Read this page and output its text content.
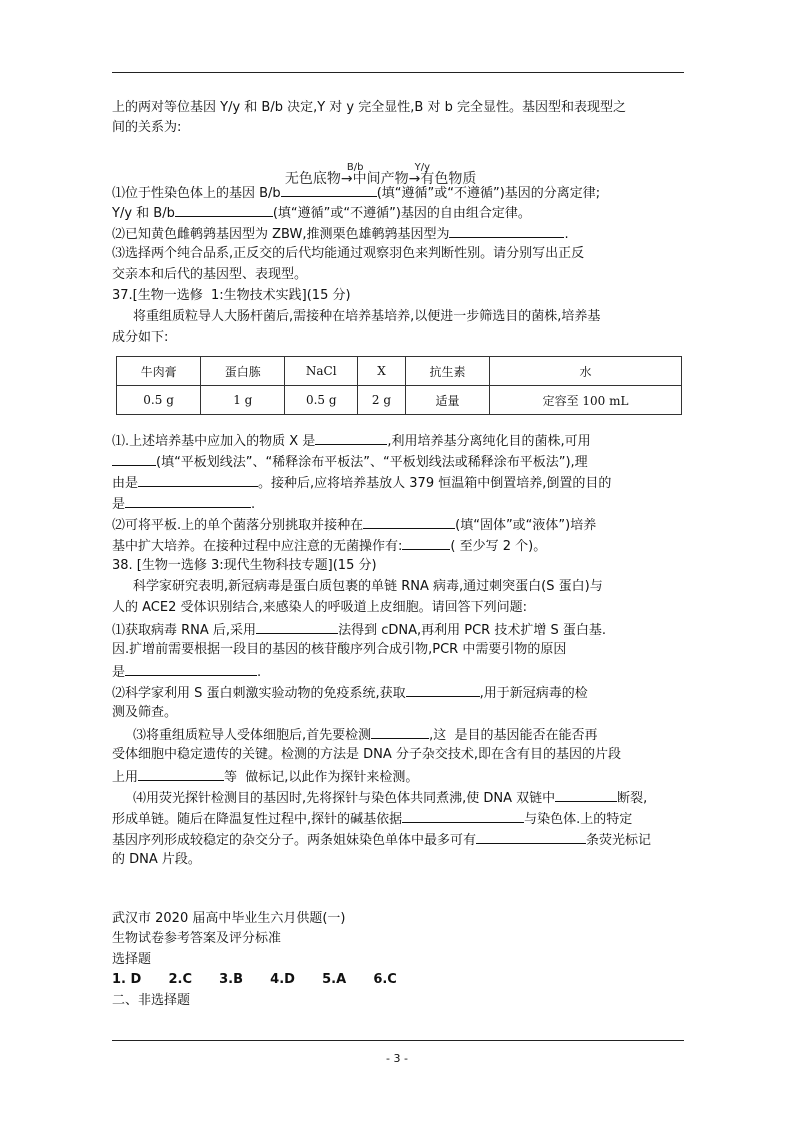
上的两对等位基因 Y/y 和 B/b 决定,Y 对 y 完全显性,B 对 b 完全显性。基因型和表现型之
间的关系为:

无色底物
B/b
→中间产物
Y/y
→有色物质

⑴位于性染色体上的基因 B/b	(填“遵循”或“不遵循”)基因的分离定律;
Y/y 和 B/b	(填“遵循”或“不遵循”)基因的自由组合定律。
⑵已知黄色雌鹌鹑基因型为 ZBW,推测栗色雄鹌鹑基因型为	.
⑶选择两个纯合品系,正反交的后代均能通过观察羽色来判断性别。请分别写出正反
交亲本和后代的基因型、表现型。
37.[生物一选修  1:生物技术实践](15 分)
将重组质粒导人大肠杆菌后,需接种在培养基培养,以便进一步筛选目的菌株,培养基
成分如下:
牛肉膏	蛋白胨	NaCl	X	抗生素	水
0.5 g	1 g	0.5 g	2 g	适量	定容至 100 mL
⑴.上述培养基中应加入的物质 X 是	,利用培养基分离纯化目的菌株,可用
(填“平板划线法”、“稀释涂布平板法”、“平板划线法或稀释涂布平板法”),理
由是	。接种后,应将培养基放人 379 恒温箱中倒置培养,倒置的目的
是	.
⑵可将平板.上的单个菌落分别挑取并接种在	(填“固体”或“液体”)培养
基中扩大培养。在接种过程中应注意的无菌操作有:	( 至少写 2 个)。
38. [生物一选修 3:现代生物科技专题](15 分)
科学家研究表明,新冠病毒是蛋白质包裹的单链 RNA 病毒,通过刺突蛋白(S 蛋白)与
人的 ACE2 受体识别结合,来感染人的呼吸道上皮细胞。请回答下列问题:
⑴获取病毒 RNA 后,采用	法得到 cDNA,再利用 PCR 技术扩增 S 蛋白基.
因.扩增前需要根据一段目的基因的核苷酸序列合成引物,PCR 中需要引物的原因
是	.
⑵科学家利用 S 蛋白刺激实验动物的免疫系统,获取	,用于新冠病毒的检
测及筛查。
⑶将重组质粒导人受体细胞后,首先要检测	,这  是目的基因能否在能否再
受体细胞中稳定遗传的关键。检测的方法是 DNA 分子杂交技术,即在含有目的基因的片段
上用	等  做标记,以此作为探针来检测。
⑷用荧光探针检测目的基因时,先将探针与染色体共同煮沸,使 DNA 双链中	断裂,
形成单链。随后在降温复性过程中,探针的碱基依据	与染色体.上的特定
基因序列形成较稳定的杂交分子。两条姐妹染色单体中最多可有	条荧光标记
的 DNA 片段。
武汉市 2020 届高中毕业生六月供题(一)
生物试卷参考答案及评分标准
选择题
1. D      2.C      3.B      4.D      5.A      6.C
二、非选择题
- 3 -
